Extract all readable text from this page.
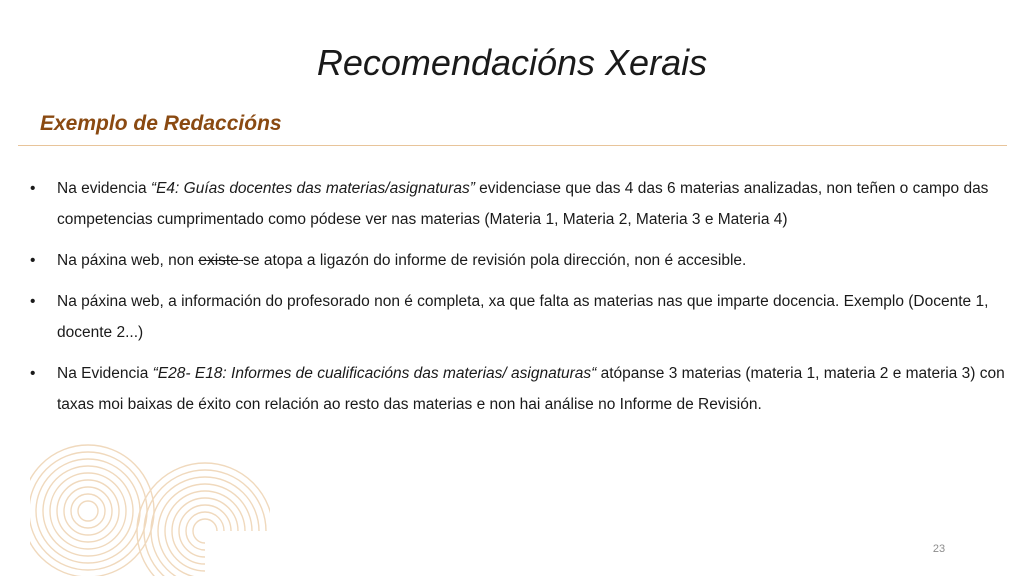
Recomendacións Xerais
Exemplo de Redaccións
• Na evidencia “E4: Guías docentes das materias/asignaturas” evidenciase que das 4 das 6 materias analizadas, non teñen o campo das competencias cumprimentado como pódese ver nas materias (Materia 1, Materia 2, Materia 3 e Materia 4)
• Na páxina web, non existe se atopa a ligazón do informe de revisión pola dirección, non é accesible.
• Na páxina web, a información do profesorado non é completa, xa que falta as materias nas que imparte docencia. Exemplo (Docente 1, docente 2...)
• Na Evidencia “E28- E18: Informes de cualificacións das materias/ asignaturas“ atópanse 3 materias (materia 1, materia 2 e materia 3) con taxas moi baixas de éxito con relación ao resto das materias e non hai análise no Informe de Revisión.
23
